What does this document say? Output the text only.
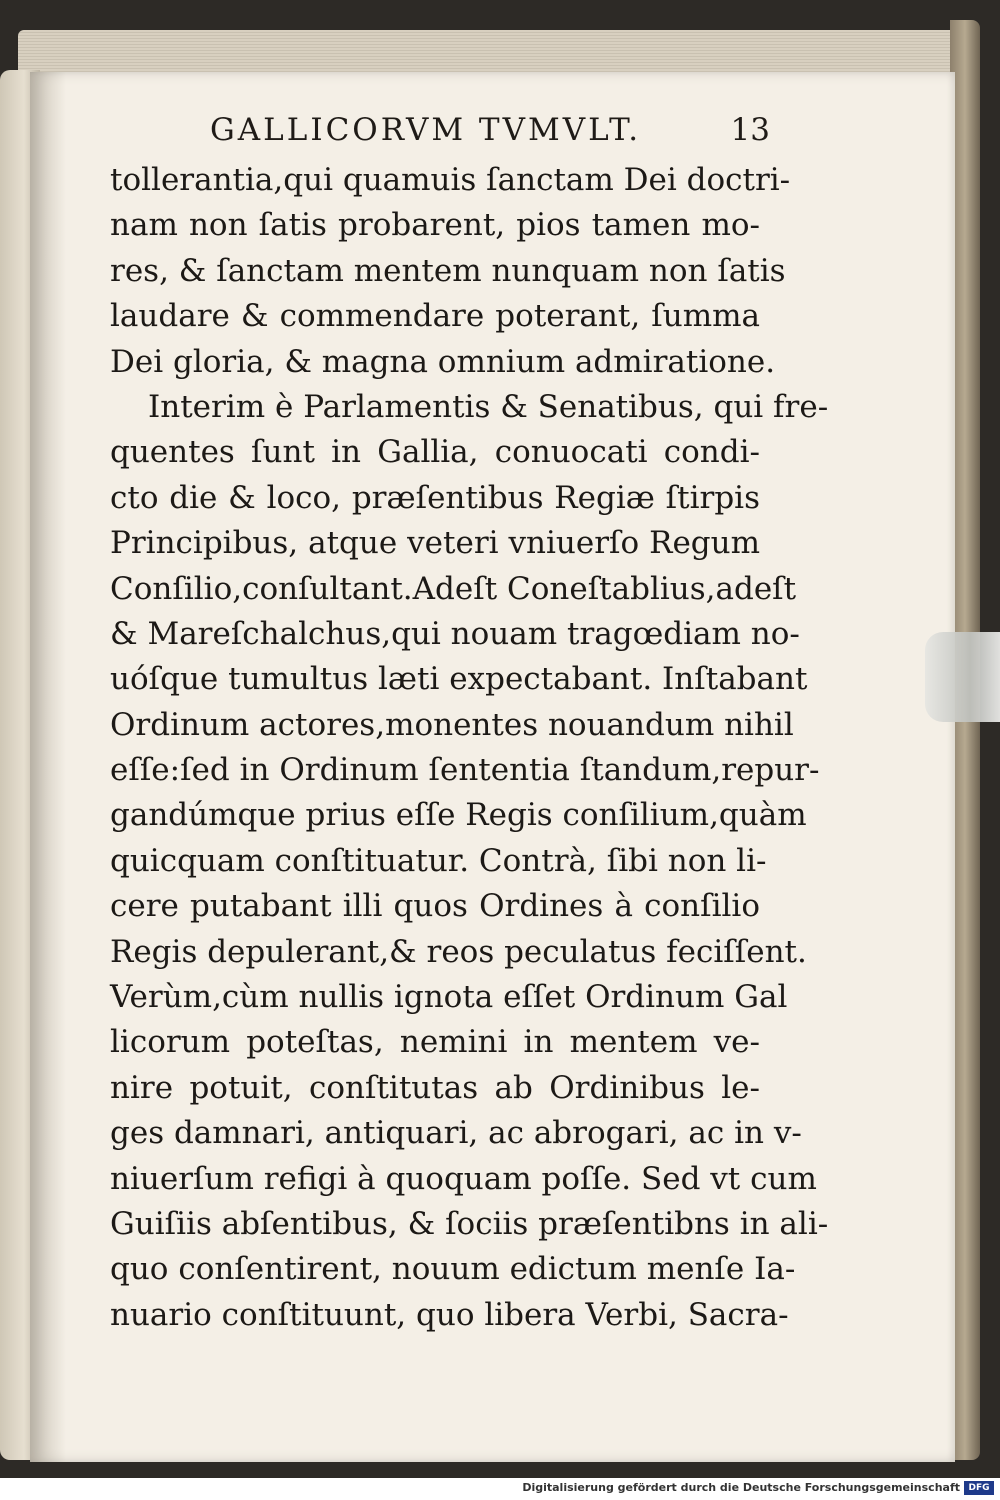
GALLICORVM TVMVLT.	13
tollerantia,qui quamuis ſanctam Dei doctri-
nam non ſatis probarent, pios tamen mo-
res, & ſanctam mentem nunquam non ſatis
laudare & commendare poterant, ſumma
Dei gloria, & magna omnium admiratione.
Interim è Parlamentis & Senatibus, qui fre-
quentes ſunt in Gallia, conuocati condi-
cto die & loco, præſentibus Regiæ ſtirpis
Principibus, atque veteri vniuerſo Regum
Conſilio,conſultant.Adeſt Coneſtablius,adeſt
& Mareſchalchus,qui nouam tragœdiam no-
uóſque tumultus læti expectabant. Inſtabant
Ordinum actores,monentes nouandum nihil
eſſe:ſed in Ordinum ſententia ſtandum,repur-
gandúmque prius eſſe Regis conſilium,quàm
quicquam conſtituatur. Contrà, ſibi non li-
cere putabant illi quos Ordines à conſilio
Regis depulerant,& reos peculatus feciſſent.
Verùm,cùm nullis ignota eſſet Ordinum Gal
licorum poteſtas, nemini in mentem ve-
nire potuit, conſtitutas ab Ordinibus le-
ges damnari, antiquari, ac abrogari, ac in v-
niuerſum refigi à quoquam poſſe. Sed vt cum
Guiſiis abſentibus, & ſociis præſentibns in ali-
quo conſentirent, nouum edictum menſe Ia-
nuario conſtituunt, quo libera Verbi, Sacra-
Digitalisierung gefördert durch die Deutsche Forschungsgemeinschaft DFG
